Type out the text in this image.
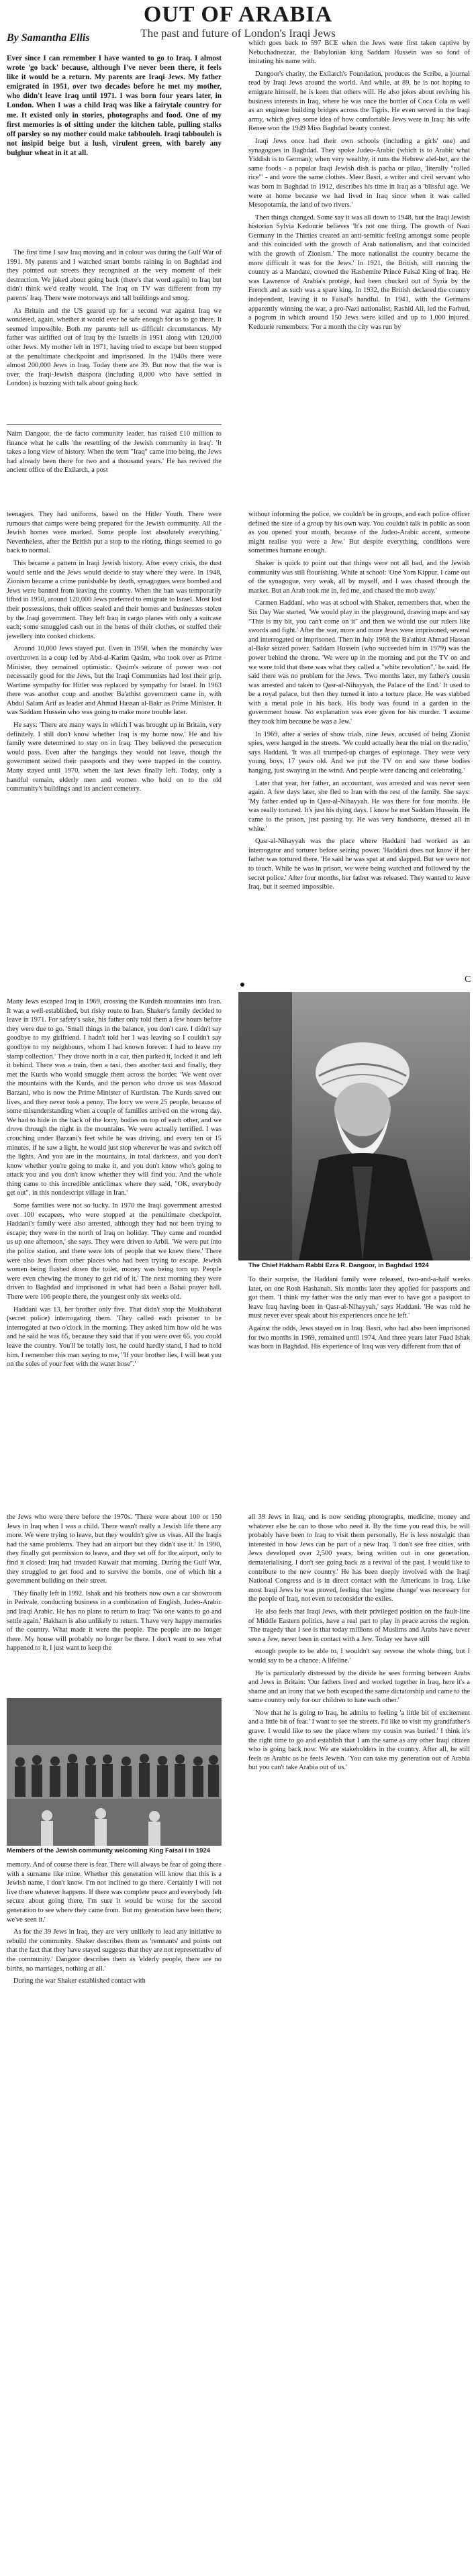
OUT OF ARABIA
The past and future of London's Iraqi Jews
By Samantha Ellis
Ever since I can remember I have wanted to go to Iraq. I almost wrote 'go back' because, although I've never been there, it feels like it would be a return. My parents are Iraqi Jews. My father emigrated in 1951, over two decades before he met my mother, who didn't leave Iraq until 1971. I was born four years later, in London. When I was a child Iraq was like a fairytale country for me. It existed only in stories, photographs and food. One of my first memories is of sitting under the kitchen table, pulling stalks off parsley so my mother could make tabbouleh. Iraqi tabbouleh is not insipid beige but a lush, virulent green, with barely any bulghur wheat in it at all.

The first time I saw Iraq moving and in colour was during the Gulf War of 1991. My parents and I watched smart bombs raining in on Baghdad and they pointed out streets they recognised at the very moment of their destruction. We joked about going back (there's that word again) to Iraq but didn't think we'd really would. The Iraq on TV was different from my parents' Iraq. There were motorways and tall buildings and smog.

As Britain and the US geared up for a second war against Iraq we wondered, again, whether it would ever be safe enough for us to go there. It seemed impossible. Both my parents tell us difficult circumstances. My father was airlifted out of Iraq by the Israelis in 1951 along with 120,000 other Jews. My mother left in 1971, having tried to escape but been stopped at the penultimate checkpoint and imprisoned. In the 1940s there were almost 200,000 Jews in Iraq. Today there are 39. But now that the war is over, the Iraqi-Jewish diaspora (including 8,000 who have settled in London) is buzzing with talk about going back.

Naim Dangoor, the de facto community leader, has raised £10 million to finance what he calls 'the resettling of the Jewish community in Iraq'. 'It takes a long view of history. When the term "Iraq" came into being, the Jews had already been there for two and a thousand years.' He has revived the ancient office of the Exilarch, a post

which goes back to 597 BCE when the Jews were first taken captive by Nebuchadnezzar, the Babylonian king Saddam Hussein was so fond of imitating his name with.

Dangoor's charity, the Exilarch's Foundation, produces the Scribe, a journal read by Iraqi Jews around the world. And while, at 89, he is not hoping to emigrate himself, he is keen that others will. He also jokes about reviving his business interests in Iraq, where he was once the bottler of Coca Cola as well as an engineer building bridges across the Tigris. He even served in the Iraqi army, which gives some idea of how comfortable Jews were in Iraq: his wife Renee won the 1949 Miss Baghdad beauty contest.

Iraqi Jews once had their own schools (including a girls' one) and synagogues in Baghdad. They spoke Judeo-Arabic (which is to Arabic what Yiddish is to German); when very wealthy, it runs the Hebrew alef-bet, are the same foods - a popular Iraqi Jewish dish is pacha or pilau, 'literally "rolled rice"' - and wore the same clothes. Meer Basri, a writer and civil servant who was born in Baghdad in 1912, describes his time in Iraq as a 'blissful age. We were at home because we had lived in Iraq since when it was called Mesopotamia, the land of two rivers.'

Then things changed. Some say it was all down to 1948, but the Iraqi Jewish historian Sylvia Kedourie believes 'It's not one thing. The growth of Nazi Germany in the Thirties created an anti-semitic feeling amongst some people and this coincided with the growth of Arab nationalism, and that coincided with the growth of Zionism.' The more nationalist the country became the more difficult it was for the Jews.' In 1921, the British, still running the country as a Mandate, crowned the Hashemite Prince Faisal King of Iraq. He was Lawrence of Arabia's protégé, had been chucked out of Syria by the French and as such was a spare king. In 1932, the British declared the country independent, leaving it to Faisal's handful. In 1941, with the Germans apparently winning the war, a pro-Nazi nationalist, Rashid Ali, led the Farhud, a pogrom in which around 150 Jews were killed and up to 1,000 injured. Kedourie remembers: 'For a month the city was run by

teenagers. They had uniforms, based on the Hitler Youth. There were rumours that camps were being prepared for the Jewish community. All the Jewish homes were marked. Some people lost absolutely everything.' Nevertheless, after the British put a stop to the rioting, things seemed to go back to normal.

This became a pattern in Iraqi Jewish history. After every crisis, the dust would settle and the Jews would decide to stay where they were. In 1948, Zionism became a crime punishable by death, synagogues were bombed and Jews were banned from leaving the country. When the ban was temporarily lifted in 1950, around 120,000 Jews preferred to emigrate to Israel. Most lost their possessions, their offices sealed and their homes and businesses stolen by the Iraqi government. They left Iraq in cargo planes with only a suitcase each; some smuggled cash out in the hems of their clothes, or stuffed their jewellery into cooked chickens.

Around 10,000 Jews stayed put. Even in 1958, when the monarchy was overthrown in a coup led by Abd-al-Karim Qasim, who took over as Prime Minister, they remained optimistic. Qasim's seizure of power was not necessarily good for the Jews, but the Iraqi Communists had lost their grip. Wartime sympathy for Hitler was replaced by sympathy for Israel. In 1963 there was another coup and another Ba'athist government came in, with Abdul Salam Arif as leader and Ahmad Hassan al-Bakr as Prime Minister. It was Saddam Hussein who was going to make more trouble later.

He says: 'There are many ways in which I was brought up in Britain, very definitely. I still don't know whether Iraq is my home now.' He and his family were determined to stay on in Iraq. They believed the persecution would pass. Even after the hangings they would not leave, though the government seized their passports and they were trapped in the country. Many stayed until 1970, when the last Jews finally left. Today, only a handful remain, elderly men and women who hold on to the old community's buildings and its ancient cemetery.

without informing the police, we couldn't be in groups, and each police officer defined the size of a group by his own way. You couldn't talk in public as soon as you opened your mouth, because of the Judeo-Arabic accent, someone might realise you were a Jew.' But despite everything, conditions were sometimes humane enough.

Shaker is quick to point out that things were not all bad, and the Jewish community was still flourishing. While at school: 'One Yom Kippur, I came out of the synagogue, very weak, all by myself, and I was chased through the market. But an Arab took me in, fed me, and chased the mob away.'

Carmen Haddani, who was at school with Shaker, remembers that, when the Six Day War started, 'We would play in the playground, drawing maps and say "This is my bit, you can't come on it" and then we would use our rulers like swords and fight.' After the war, more and more Jews were imprisoned, several and interrogated or imprisoned. Then in July 1968 the Ba'athist Ahmad Hassan al-Bakr seized power. Saddam Hussein (who succeeded him in 1979) was the power behind the throne. 'We were up in the morning and put the TV on and we were told that there was what they called a "white revolution",' he said. He said there was no problem for the Jews. 'Two months later, my father's cousin was arrested and taken to Qasr-al-Nihayyah, the Palace of the End.' It used to be a royal palace, but then they turned it into a torture place. He was stabbed with a metal pole in his back. His body was found in a garden in the government house. No explanation was ever given for his murder. 'I assume they took him because he was a Jew.'

In 1969, after a series of show trials, nine Jews, accused of being Zionist spies, were hanged in the streets. 'We could actually hear the trial on the radio,' says Haddani. 'It was all trumped-up charges of espionage. They were very young boys, 17 years old. And we put the TV on and saw these bodies hanging, just swaying in the wind. And people were dancing and celebrating.'

Later that year, her father, an accountant, was arrested and was never seen again. A few days later, she fled to Iran with the rest of the family. She says: 'My father ended up in Qasr-al-Nihayyah. He was there for four months. He was really tortured. It's just his dying days. I know he met Saddam Hussein. He came to the prison, just passing by. He was very handsome, dressed all in white.'

Qasr-al-Nihayyah was the place where Haddani had worked as an interrogator and torturer before seizing power. 'Haddani does not know if her father was tortured there. 'He said he was spat at and slapped. But we were not to touch. While he was in prison, we were being watched and followed by the secret police.' After four months, her father was released. They wanted to leave Iraq, but it seemed impossible.

C

Many Jews escaped Iraq in 1969, crossing the Kurdish mountains into Iran. It was a well-established, but risky route to Iran. Shaker's family decided to leave in 1971. For safety's sake, his father only told them a few hours before they were due to go. 'Small things in the balance, you don't care. I didn't say goodbye to my girlfriend. I hadn't told her I was leaving so I couldn't say goodbye to my neighbours, whom I had known forever. I had to leave my stamp collection.' They drove north in a car, then parked it, locked it and left it behind. There was a train, then a taxi, then another taxi and finally, they met the Kurds who would smuggle them across the border. 'We went over the mountains with the Kurds, and the person who drove us was Masoud Barzani, who is now the Prime Minister of Kurdistan. The Kurds saved our lives, and they never took a penny. The lorry we were 25 people, because of some misunderstanding when a couple of families arrived on the wrong day. We had to hide in the back of the lorry, bodies on top of each other, and we drove through the night in the mountains. We were actually terrified. I was crouching under Barzani's feet while he was driving, and every ten or 15 minutes, if he saw a light, he would just stop wherever he was and switch off the lights. And you are in the mountains, in total darkness, and you don't know whether you're going to make it, and you don't know who's going to attack you and you don't know whether they will find you. And the whole thing came to this incredible anticlimax where they said, "OK, everybody get out", in this nondescript village in Iran.'

Some families were not so lucky. In 1970 the Iraqi government arrested over 100 escapees, who were stopped at the penultimate checkpoint. Haddani's family were also arrested, although they had not been trying to escape; they were in the north of Iraq on holiday. 'They came and rounded us up one afternoon,' she says. They were driven to Arbil. 'We were put into the police station, and there were lots of people that we knew there.' There were also Jews from other places who had been trying to escape. Jewish women being flushed down the toilet, money was being torn up. People were even chewing the money to get rid of it.' The next morning they were driven to Baghdad and imprisoned in what had been a Bahai prayer hall. There were 106 people there, the youngest only six weeks old.

Haddani was 13, her brother only five. That didn't stop the Mukhabarat (secret police) interrogating them. 'They called each prisoner to be interrogated at two o'clock in the morning. They asked him how old he was and he said he was 65, because they said that if you were over 65, you could leave the country. You'll be totally lost, he could hardly stand, I had to hold him. I remember this man saying to me, "If your brother lies, I will beat you on the soles of your feet with the water hose".'

The Chief Hakham Rabbi Ezra R. Dangoor, in Baghdad 1924

To their surprise, the Haddani family were released, two-and-a-half weeks later, on one Rosh Hashanah. Six months later they applied for passports and got them. 'I think my father was the only man ever to have got a passport to leave Iraq having been in Qasr-al-Nihayyah,' says Haddani. 'He was told he must never ever speak about his experiences once he left.'

Against the odds, Jews stayed on in Iraq. Basri, who had also been imprisoned for two months in 1969, remained until 1974. And three years later Fuad Ishak was born in Baghdad. His experience of Iraq was very different from that of

the Jews who were there before the 1970s. 'There were about 100 or 150 Jews in Iraq when I was a child. There wasn't really a Jewish life there any more. We were trying to leave, but they wouldn't give us visas. All the Iraqis had the same problems. They had an airport but they didn't use it.' In 1990, they finally got permission to leave, and they set off for the airport, only to find it closed: Iraq had invaded Kuwait that morning. During the Gulf War, they struggled to get food and to survive the bombs, one of which hit a government building on their street.

They finally left in 1992. Ishak and his brothers now own a car showroom in Perivale, conducting business in a combination of English, Judeo-Arabic and Iraqi Arabic. He has no plans to return to Iraq: 'No one wants to go and settle again.' Hakham is also unlikely to return. 'I have very happy memories of the country. What made it were the people. The people are no longer there. My house will probably no longer be there. I don't want to see what happened to it, I just want to keep the

Members of the Jewish community welcoming King Faisal I in 1924

memory. And of course there is fear. There will always be fear of going there with a surname like mine. Whether this generation will know that this is a Jewish name, I don't know. I'm not inclined to go there. Certainly I will not live there whatever happens. If there was complete peace and everybody felt secure about going there, I'm sure it would be worse for the second generation to see where they came from. But my generation have been there; we've seen it.'

As for the 39 Jews in Iraq, they are very unlikely to lead any initiative to rebuild the community. Shaker describes them as 'remnants' and points out that the fact that they have stayed suggests that they are not representative of the community.' Dangoor describes them as 'elderly people, there are no births, no marriages, nothing at all.'

During the war Shaker established contact with

all 39 Jews in Iraq, and is now sending photographs, medicine, money and whatever else he can to those who need it. By the time you read this, he will probably have been to Iraq to visit them personally. He is less nostalgic than interested in how Jews can be part of a new Iraq. 'I don't see free cities, with Jews developed over 2,500 years, being written out in one generation, dematerialising. I don't see going back as a revival of the past. I would like to contribute to the new country.' He has been deeply involved with the Iraqi National Congress and is in direct contact with the Americans in Iraq. Like most Iraqi Jews he was proved, feeling that 'regime change' was necessary for the people of Iraq, not even to reconsider the exiles.

He also feels that Iraqi Jews, with their privileged position on the fault-line of Middle Eastern politics, have a real part to play in peace across the region. 'The tragedy that I see is that today millions of Muslims and Arabs have never seen a Jew, never been in contact with a Jew. Today we have still

enough people to be able to, I wouldn't say reverse the whole thing, but I would say to be a chance. A lifeline.'

He is particularly distressed by the divide he sees forming between Arabs and Jews in Britain: 'Our fathers lived and worked together in Iraq, here it's a shame and an irony that we both escaped the same dictatorship and came to the same country only for our children to hate each other.'

Now that he is going to Iraq, he admits to feeling 'a little bit of excitement and a little bit of fear.' I want to see the streets. I'd like to visit my grandfather's grave. I would like to see the place where my cousin was buried.' I think it's the right time to go and establish that I am the same as any other Iraqi citizen who is going back now. We are stakeholders in the country. After all, he still feels as Arabic as he feels Jewish. 'You can take my generation out of Arabia but you can't take Arabia out of us.'
